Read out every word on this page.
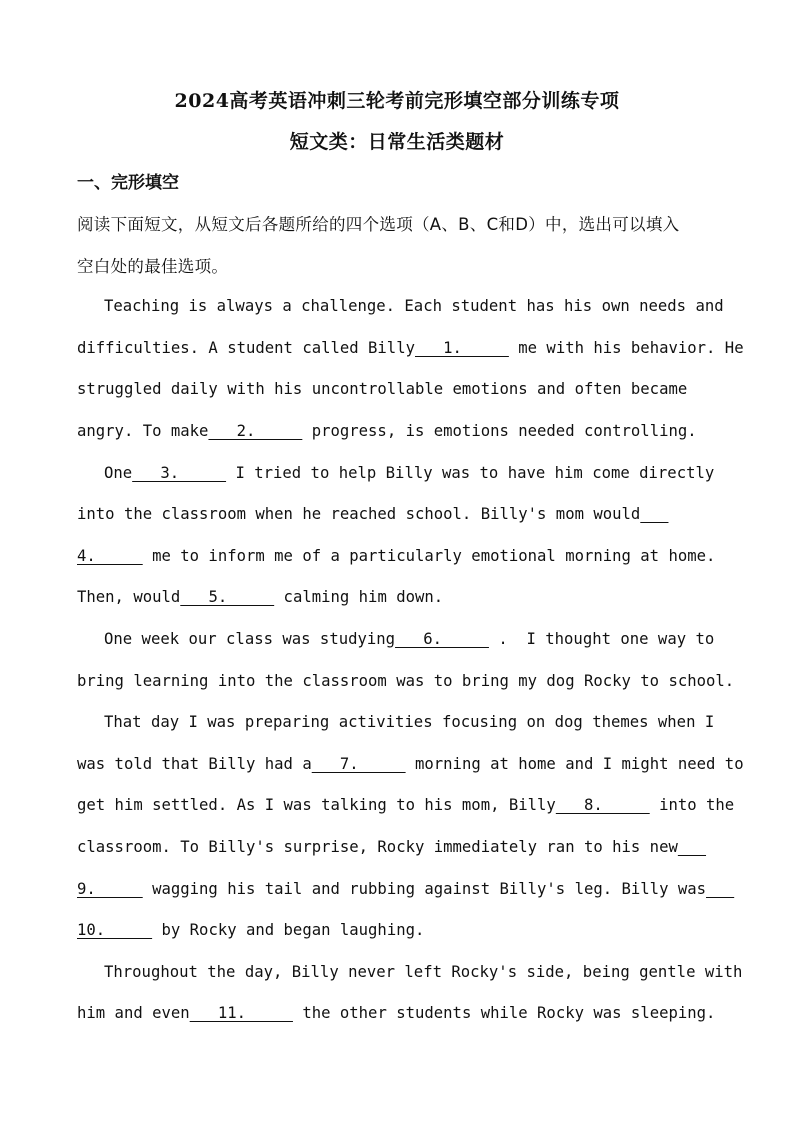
2024高考英语冲刺三轮考前完形填空部分训练专项
短文类：日常生活类题材
一、完形填空
阅读下面短文，从短文后各题所给的四个选项（A、B、C和D）中，选出可以填入
空白处的最佳选项。
Teaching is always a challenge. Each student has his own needs and
difficulties. A student called Billy   1.      me with his behavior. He
struggled daily with his uncontrollable emotions and often became
angry. To make   2.      progress, is emotions needed controlling.
One   3.      I tried to help Billy was to have him come directly
into the classroom when he reached school. Billy's mom would
4.      me to inform me of a particularly emotional morning at home.
Then, would   5.      calming him down.
One week our class was studying   6.      .  I thought one way to
bring learning into the classroom was to bring my dog Rocky to school.
That day I was preparing activities focusing on dog themes when I
was told that Billy had a   7.      morning at home and I might need to
get him settled. As I was talking to his mom, Billy   8.      into the
classroom. To Billy's surprise, Rocky immediately ran to his new
9.      wagging his tail and rubbing against Billy's leg. Billy was
10.      by Rocky and began laughing.
Throughout the day, Billy never left Rocky's side, being gentle with
him and even   11.      the other students while Rocky was sleeping.
